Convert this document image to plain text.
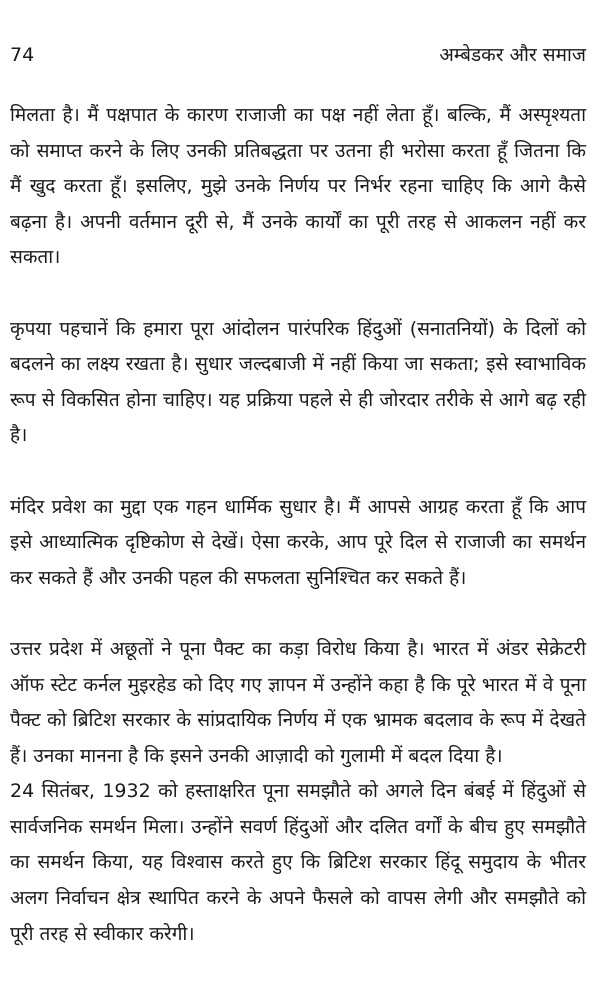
74	अम्बेडकर और समाज

मिलता है। मैं पक्षपात के कारण राजाजी का पक्ष नहीं लेता हूँ। बल्कि, मैं अस्पृश्यता को समाप्त करने के लिए उनकी प्रतिबद्धता पर उतना ही भरोसा करता हूँ जितना कि मैं खुद करता हूँ। इसलिए, मुझे उनके निर्णय पर निर्भर रहना चाहिए कि आगे कैसे बढ़ना है। अपनी वर्तमान दूरी से, मैं उनके कार्यों का पूरी तरह से आकलन नहीं कर सकता।

कृपया पहचानें कि हमारा पूरा आंदोलन पारंपरिक हिंदुओं (सनातनियों) के दिलों को बदलने का लक्ष्य रखता है। सुधार जल्दबाजी में नहीं किया जा सकता; इसे स्वाभाविक रूप से विकसित होना चाहिए। यह प्रक्रिया पहले से ही जोरदार तरीके से आगे बढ़ रही है।

मंदिर प्रवेश का मुद्दा एक गहन धार्मिक सुधार है। मैं आपसे आग्रह करता हूँ कि आप इसे आध्यात्मिक दृष्टिकोण से देखें। ऐसा करके, आप पूरे दिल से राजाजी का समर्थन कर सकते हैं और उनकी पहल की सफलता सुनिश्चित कर सकते हैं।

उत्तर प्रदेश में अछूतों ने पूना पैक्ट का कड़ा विरोध किया है। भारत में अंडर सेक्रेटरी ऑफ स्टेट कर्नल मुइरहेड को दिए गए ज्ञापन में उन्होंने कहा है कि पूरे भारत में वे पूना पैक्ट को ब्रिटिश सरकार के सांप्रदायिक निर्णय में एक भ्रामक बदलाव के रूप में देखते हैं। उनका मानना है कि इसने उनकी आज़ादी को गुलामी में बदल दिया है।

24 सितंबर, 1932 को हस्ताक्षरित पूना समझौते को अगले दिन बंबई में हिंदुओं से सार्वजनिक समर्थन मिला। उन्होंने सवर्ण हिंदुओं और दलित वर्गों के बीच हुए समझौते का समर्थन किया, यह विश्वास करते हुए कि ब्रिटिश सरकार हिंदू समुदाय के भीतर अलग निर्वाचन क्षेत्र स्थापित करने के अपने फैसले को वापस लेगी और समझौते को पूरी तरह से स्वीकार करेगी।
